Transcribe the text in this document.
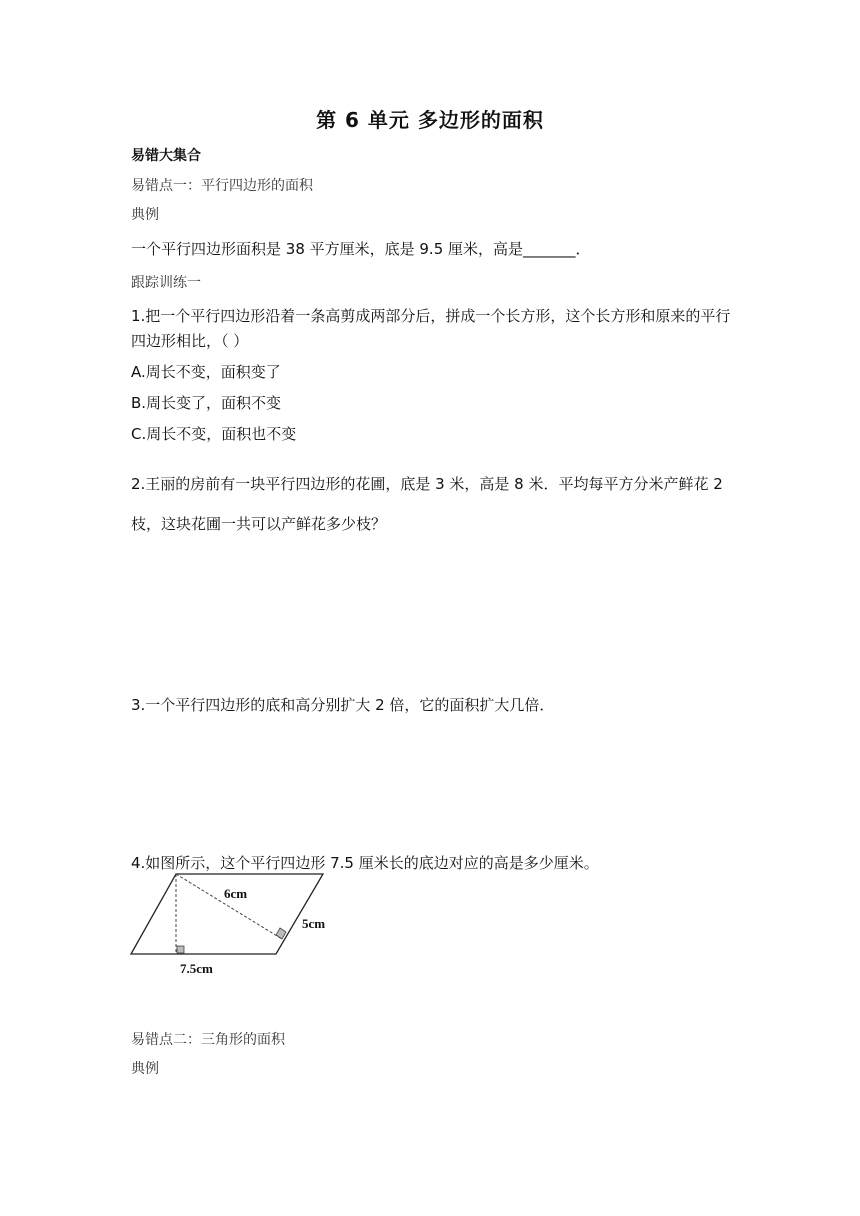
第 6 单元 多边形的面积
易错大集合
易错点一：平行四边形的面积
典例
一个平行四边形面积是 38 平方厘米，底是 9.5 厘米，高是_______．
跟踪训练一
1.把一个平行四边形沿着一条高剪成两部分后，拼成一个长方形，这个长方形和原来的平行
四边形相比，（ ）
A.周长不变，面积变了
B.周长变了，面积不变
C.周长不变，面积也不变
2.王丽的房前有一块平行四边形的花圃，底是 3 米，高是 8 米．平均每平方分米产鲜花 2
枝，这块花圃一共可以产鲜花多少枝？
3.一个平行四边形的底和高分别扩大 2 倍，它的面积扩大几倍．
4.如图所示，这个平行四边形 7.5 厘米长的底边对应的高是多少厘米。
6cm
5cm
7.5cm
易错点二：三角形的面积
典例
